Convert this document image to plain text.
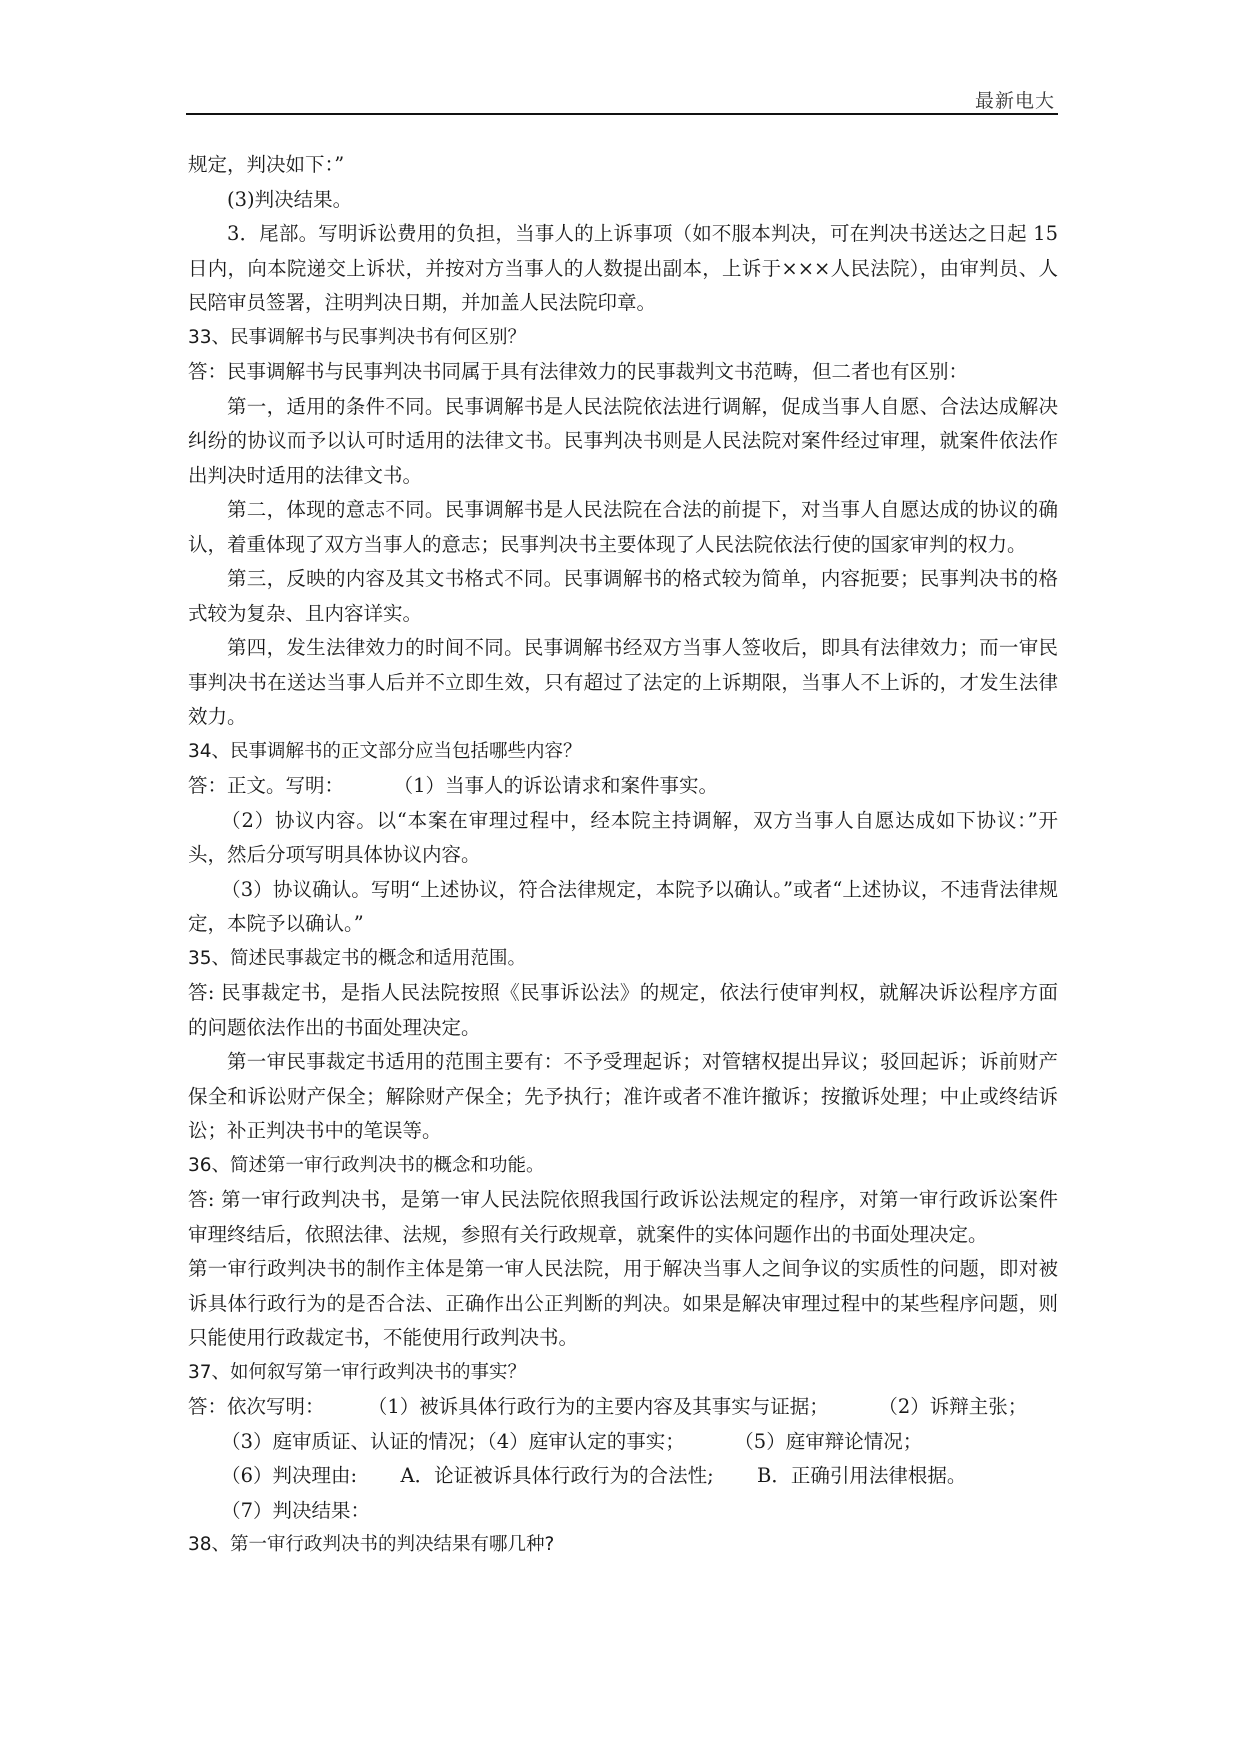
最新电大

规定，判决如下：”

(3)判决结果。

3．尾部。写明诉讼费用的负担，当事人的上诉事项（如不服本判决，可在判决书送达之日起 15 日内，向本院递交上诉状，并按对方当事人的人数提出副本，上诉于×××人民法院），由审判员、人民陪审员签署，注明判决日期，并加盖人民法院印章。

33、民事调解书与民事判决书有何区别？

答：民事调解书与民事判决书同属于具有法律效力的民事裁判文书范畴，但二者也有区别：

第一，适用的条件不同。民事调解书是人民法院依法进行调解，促成当事人自愿、合法达成解决纠纷的协议而予以认可时适用的法律文书。民事判决书则是人民法院对案件经过审理，就案件依法作出判决时适用的法律文书。

第二，体现的意志不同。民事调解书是人民法院在合法的前提下，对当事人自愿达成的协议的确认，着重体现了双方当事人的意志；民事判决书主要体现了人民法院依法行使的国家审判的权力。

第三，反映的内容及其文书格式不同。民事调解书的格式较为简单，内容扼要；民事判决书的格式较为复杂、且内容详实。

第四，发生法律效力的时间不同。民事调解书经双方当事人签收后，即具有法律效力；而一审民事判决书在送达当事人后并不立即生效，只有超过了法定的上诉期限，当事人不上诉的，才发生法律效力。

34、民事调解书的正文部分应当包括哪些内容？

答：正文。写明：        （1）当事人的诉讼请求和案件事实。

（2）协议内容。以“本案在审理过程中，经本院主持调解，双方当事人自愿达成如下协议：”开头，然后分项写明具体协议内容。

（3）协议确认。写明“上述协议，符合法律规定，本院予以确认。”或者“上述协议，不违背法律规定，本院予以确认。”

35、简述民事裁定书的概念和适用范围。

答: 民事裁定书，是指人民法院按照《民事诉讼法》的规定，依法行使审判权，就解决诉讼程序方面的问题依法作出的书面处理决定。

第一审民事裁定书适用的范围主要有：不予受理起诉；对管辖权提出异议；驳回起诉；诉前财产保全和诉讼财产保全；解除财产保全；先予执行；准许或者不准许撤诉；按撤诉处理；中止或终结诉讼；补正判决书中的笔误等。

36、简述第一审行政判决书的概念和功能。

答: 第一审行政判决书，是第一审人民法院依照我国行政诉讼法规定的程序，对第一审行政诉讼案件审理终结后，依照法律、法规，参照有关行政规章，就案件的实体问题作出的书面处理决定。

第一审行政判决书的制作主体是第一审人民法院，用于解决当事人之间争议的实质性的问题，即对被诉具体行政行为的是否合法、正确作出公正判断的判决。如果是解决审理过程中的某些程序问题，则只能使用行政裁定书，不能使用行政判决书。

37、如何叙写第一审行政判决书的事实？

答：依次写明：       （1）被诉具体行政行为的主要内容及其事实与证据；        （2）诉辩主张；

（3）庭审质证、认证的情况；（4）庭审认定的事实；        （5）庭审辩论情况；

（6）判决理由:       A．论证被诉具体行政行为的合法性;       B．正确引用法律根据。

（7）判决结果：

38、第一审行政判决书的判决结果有哪几种?
